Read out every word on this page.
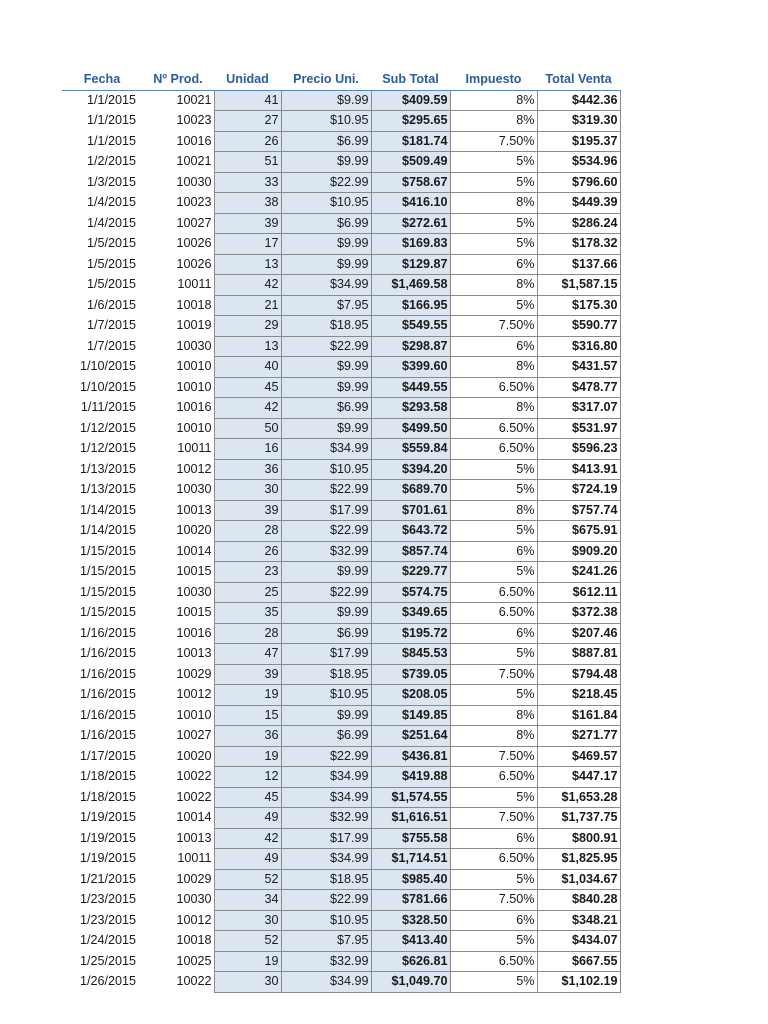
Fecha	Nº Prod.	Unidad	Precio Uni.	Sub Total	Impuesto	Total Venta
1/1/2015	10021	41	$9.99	$409.59	8%	$442.36
1/1/2015	10023	27	$10.95	$295.65	8%	$319.30
1/1/2015	10016	26	$6.99	$181.74	7.50%	$195.37
1/2/2015	10021	51	$9.99	$509.49	5%	$534.96
1/3/2015	10030	33	$22.99	$758.67	5%	$796.60
1/4/2015	10023	38	$10.95	$416.10	8%	$449.39
1/4/2015	10027	39	$6.99	$272.61	5%	$286.24
1/5/2015	10026	17	$9.99	$169.83	5%	$178.32
1/5/2015	10026	13	$9.99	$129.87	6%	$137.66
1/5/2015	10011	42	$34.99	$1,469.58	8%	$1,587.15
1/6/2015	10018	21	$7.95	$166.95	5%	$175.30
1/7/2015	10019	29	$18.95	$549.55	7.50%	$590.77
1/7/2015	10030	13	$22.99	$298.87	6%	$316.80
1/10/2015	10010	40	$9.99	$399.60	8%	$431.57
1/10/2015	10010	45	$9.99	$449.55	6.50%	$478.77
1/11/2015	10016	42	$6.99	$293.58	8%	$317.07
1/12/2015	10010	50	$9.99	$499.50	6.50%	$531.97
1/12/2015	10011	16	$34.99	$559.84	6.50%	$596.23
1/13/2015	10012	36	$10.95	$394.20	5%	$413.91
1/13/2015	10030	30	$22.99	$689.70	5%	$724.19
1/14/2015	10013	39	$17.99	$701.61	8%	$757.74
1/14/2015	10020	28	$22.99	$643.72	5%	$675.91
1/15/2015	10014	26	$32.99	$857.74	6%	$909.20
1/15/2015	10015	23	$9.99	$229.77	5%	$241.26
1/15/2015	10030	25	$22.99	$574.75	6.50%	$612.11
1/15/2015	10015	35	$9.99	$349.65	6.50%	$372.38
1/16/2015	10016	28	$6.99	$195.72	6%	$207.46
1/16/2015	10013	47	$17.99	$845.53	5%	$887.81
1/16/2015	10029	39	$18.95	$739.05	7.50%	$794.48
1/16/2015	10012	19	$10.95	$208.05	5%	$218.45
1/16/2015	10010	15	$9.99	$149.85	8%	$161.84
1/16/2015	10027	36	$6.99	$251.64	8%	$271.77
1/17/2015	10020	19	$22.99	$436.81	7.50%	$469.57
1/18/2015	10022	12	$34.99	$419.88	6.50%	$447.17
1/18/2015	10022	45	$34.99	$1,574.55	5%	$1,653.28
1/19/2015	10014	49	$32.99	$1,616.51	7.50%	$1,737.75
1/19/2015	10013	42	$17.99	$755.58	6%	$800.91
1/19/2015	10011	49	$34.99	$1,714.51	6.50%	$1,825.95
1/21/2015	10029	52	$18.95	$985.40	5%	$1,034.67
1/23/2015	10030	34	$22.99	$781.66	7.50%	$840.28
1/23/2015	10012	30	$10.95	$328.50	6%	$348.21
1/24/2015	10018	52	$7.95	$413.40	5%	$434.07
1/25/2015	10025	19	$32.99	$626.81	6.50%	$667.55
1/26/2015	10022	30	$34.99	$1,049.70	5%	$1,102.19
